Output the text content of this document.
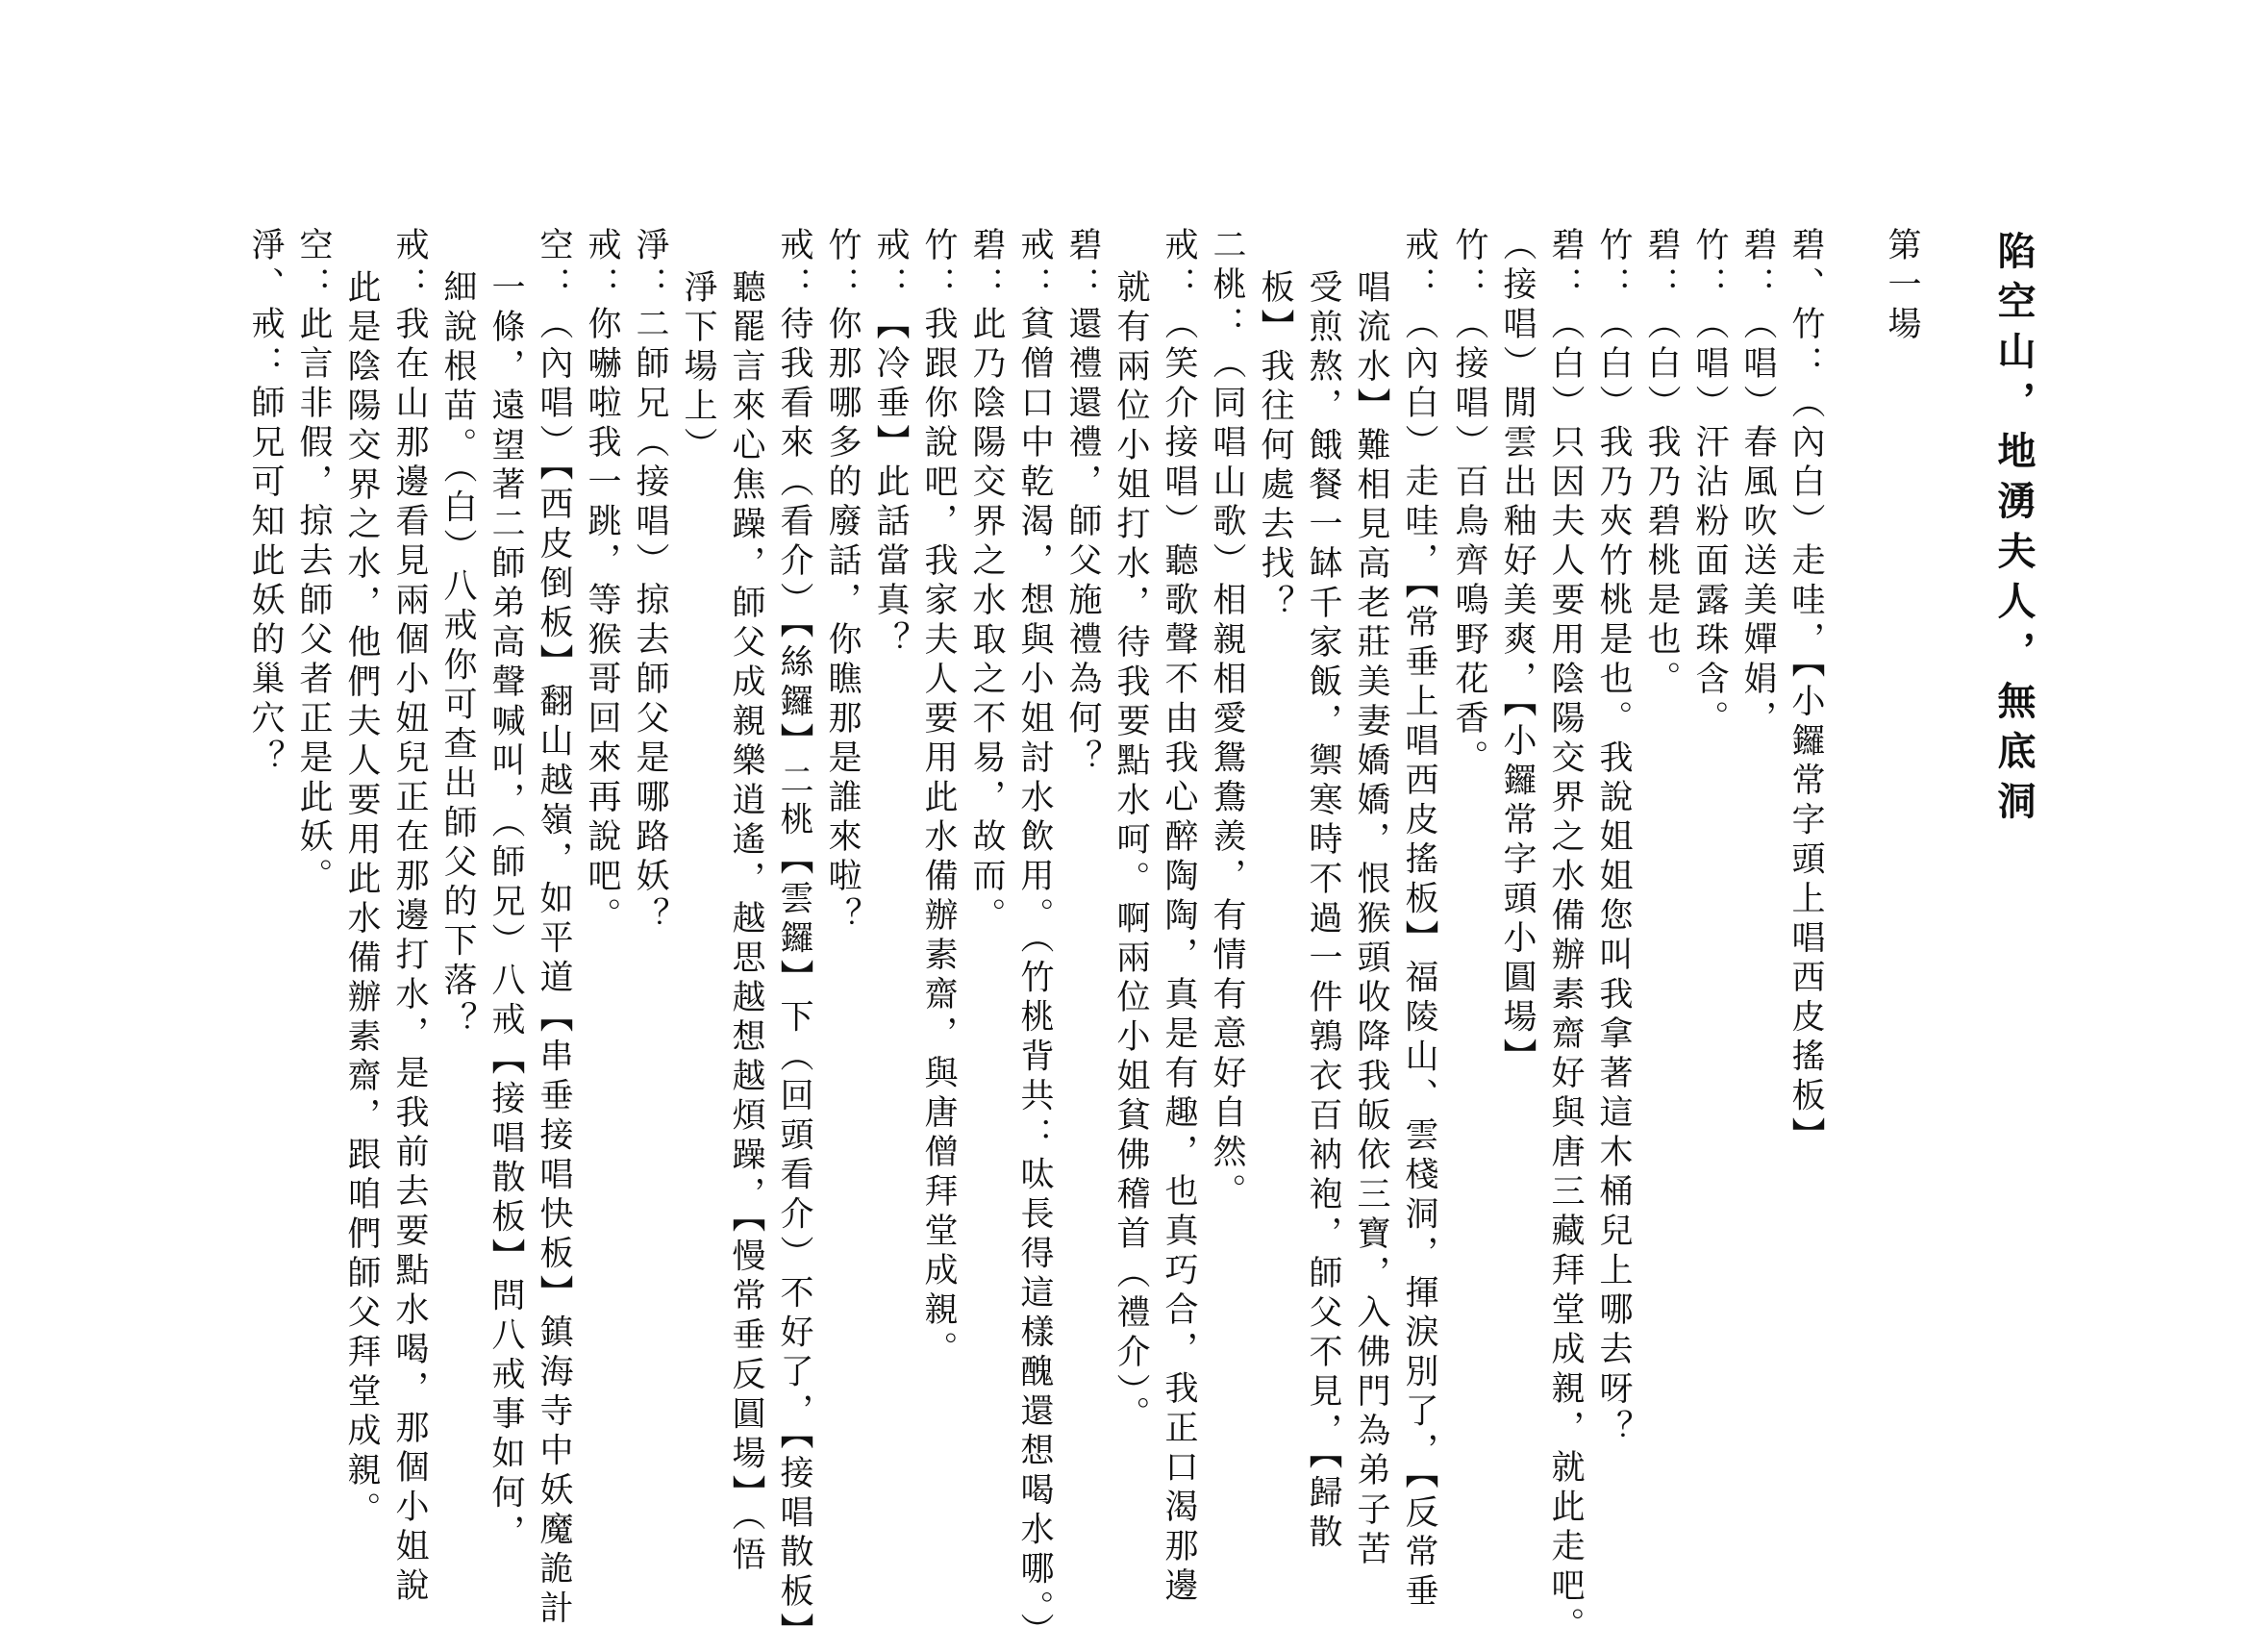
陷空山，地湧夫人，無底洞
第一場
碧、竹：（內白）走哇，【小鑼常字頭上唱西皮搖板】
碧：（唱）春風吹送美嬋娟，
竹：（唱）汗沾粉面露珠含。
碧：（白）我乃碧桃是也。
竹：（白）我乃夾竹桃是也。我說姐姐您叫我拿著這木桶兒上哪去呀？
碧：（白）只因夫人要用陰陽交界之水備辦素齋好與唐三藏拜堂成親，就此走吧。
（接唱）閒雲出釉好美爽，【小鑼常字頭小圓場】
竹：（接唱）百鳥齊鳴野花香。
戒：（內白）走哇，【常垂上唱西皮搖板】福陵山、雲棧洞，揮淚別了，【反常垂
唱流水】難相見高老莊美妻嬌嬌，恨猴頭收降我皈依三寶，入佛門為弟子苦
受煎熬，餓餐一缽千家飯，禦寒時不過一件鶉衣百衲袍，師父不見，【歸散
板】我往何處去找？
二桃：（同唱山歌）相親相愛鴛鴦羨，有情有意好自然。
戒：（笑介接唱）聽歌聲不由我心醉陶陶，真是有趣，也真巧合，我正口渴那邊
就有兩位小姐打水，待我要點水呵。啊兩位小姐貧佛稽首（禮介）。
碧：還禮還禮，師父施禮為何？
戒：貧僧口中乾渴，想與小姐討水飲用。（竹桃背共：呔長得這樣醜還想喝水哪。）
碧：此乃陰陽交界之水取之不易，故而。
竹：我跟你說吧，我家夫人要用此水備辦素齋，與唐僧拜堂成親。
戒：【冷垂】此話當真？
竹：你那哪多的廢話，你瞧那是誰來啦？
戒：待我看來（看介）【絲鑼】二桃【雲鑼】下（回頭看介）不好了，【接唱散板】
聽罷言來心焦躁，師父成親樂逍遙，越思越想越煩躁，【慢常垂反圓場】（悟
淨下場上）
淨：二師兄（接唱）掠去師父是哪路妖？
戒：你嚇啦我一跳，等猴哥回來再說吧。
空：（內唱）【西皮倒板】翻山越嶺，如平道【串垂接唱快板】鎮海寺中妖魔詭計
一條，遠望著二師弟高聲喊叫，（師兄）八戒【接唱散板】問八戒事如何，
細說根苗。（白）八戒你可查出師父的下落？
戒：我在山那邊看見兩個小妞兒正在那邊打水，是我前去要點水喝，那個小姐說
此是陰陽交界之水，他們夫人要用此水備辦素齋，跟咱們師父拜堂成親。
空：此言非假，掠去師父者正是此妖。
淨、戒：師兄可知此妖的巢穴？
